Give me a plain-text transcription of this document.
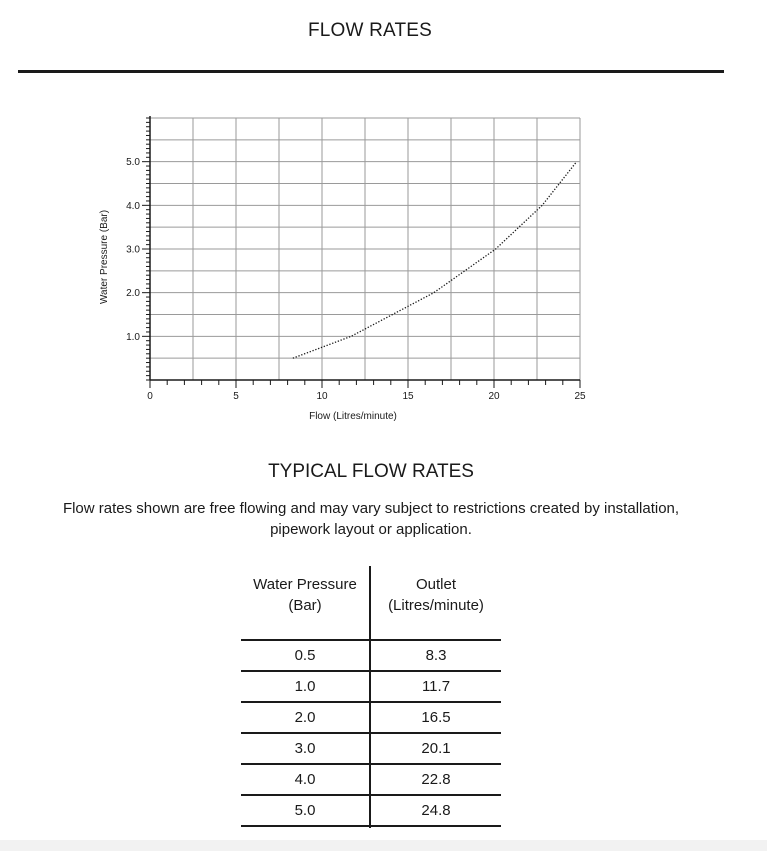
FLOW RATES
0	5	10	15	20	25
1.0
2.0
3.0
4.0
5.0
Flow (Litres/minute)
Water Pressure (Bar)
TYPICAL FLOW RATES
Flow rates shown are free flowing and may vary subject to restrictions created by installation,
pipework layout or application.
Water Pressure
(Bar)
Outlet
(Litres/minute)
0.5	8.3
1.0	11.7
2.0	16.5
3.0	20.1
4.0	22.8
5.0	24.8
